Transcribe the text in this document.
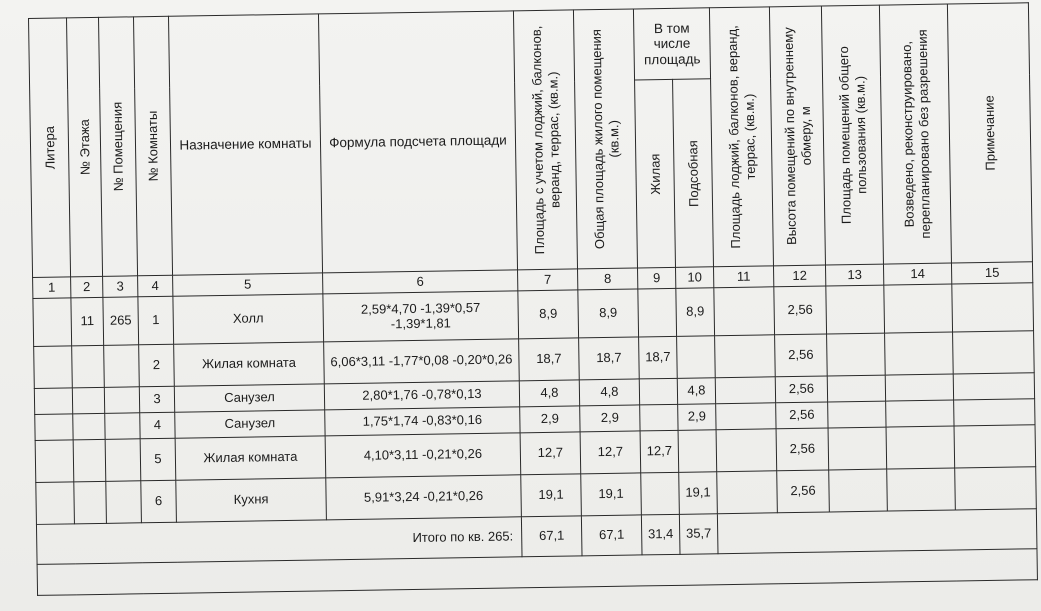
Литера	№ Этажа	№ Помещения	№ Комнаты	Назначение комнаты	Формула подсчета площади	Площадь с учетом лоджий, балконов, веранд, террас, (кв.м.)	Общая площадь жилого помещения (кв.м.)	В том числе площадь		Площадь лоджий, балконов, веранд, террас, (кв.м.)	Высота помещений по внутреннему обмеру, м	Площадь помещений общего пользования (кв.м.)	Возведено, реконструировано, перепланировано без разрешения	Примечание

								Жилая	Подсобная					

1	2	3	4	5	6	7	8	9	10	11	12	13	14	15
	11	265	1	Холл	2,59*4,70 -1,39*0,57 -1,39*1,81	8,9	8,9		8,9		2,56			
			2	Жилая комната	6,06*3,11 -1,77*0,08 -0,20*0,26	18,7	18,7	18,7			2,56			
			3	Санузел	2,80*1,76 -0,78*0,13	4,8	4,8		4,8		2,56			
			4	Санузел	1,75*1,74 -0,83*0,16	2,9	2,9		2,9		2,56			
			5	Жилая комната	4,10*3,11 -0,21*0,26	12,7	12,7	12,7			2,56			
			6	Кухня	5,91*3,24 -0,21*0,26	19,1	19,1		19,1		2,56			
Итого по кв. 265:						67,1	67,1	31,4	35,7					
